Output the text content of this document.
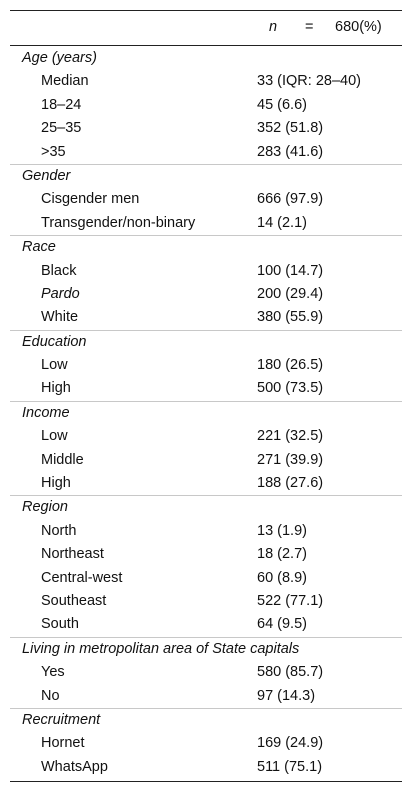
n = 680(%)
Age (years)
Median	33 (IQR: 28–40)
18–24	45 (6.6)
25–35	352 (51.8)
>35	283 (41.6)
Gender
Cisgender men	666 (97.9)
Transgender/non-binary	14 (2.1)
Race
Black	100 (14.7)
Pardo	200 (29.4)
White	380 (55.9)
Education
Low	180 (26.5)
High	500 (73.5)
Income
Low	221 (32.5)
Middle	271 (39.9)
High	188 (27.6)
Region
North	13 (1.9)
Northeast	18 (2.7)
Central-west	60 (8.9)
Southeast	522 (77.1)
South	64 (9.5)
Living in metropolitan area of State capitals
Yes	580 (85.7)
No	97 (14.3)
Recruitment
Hornet	169 (24.9)
WhatsApp	511 (75.1)
